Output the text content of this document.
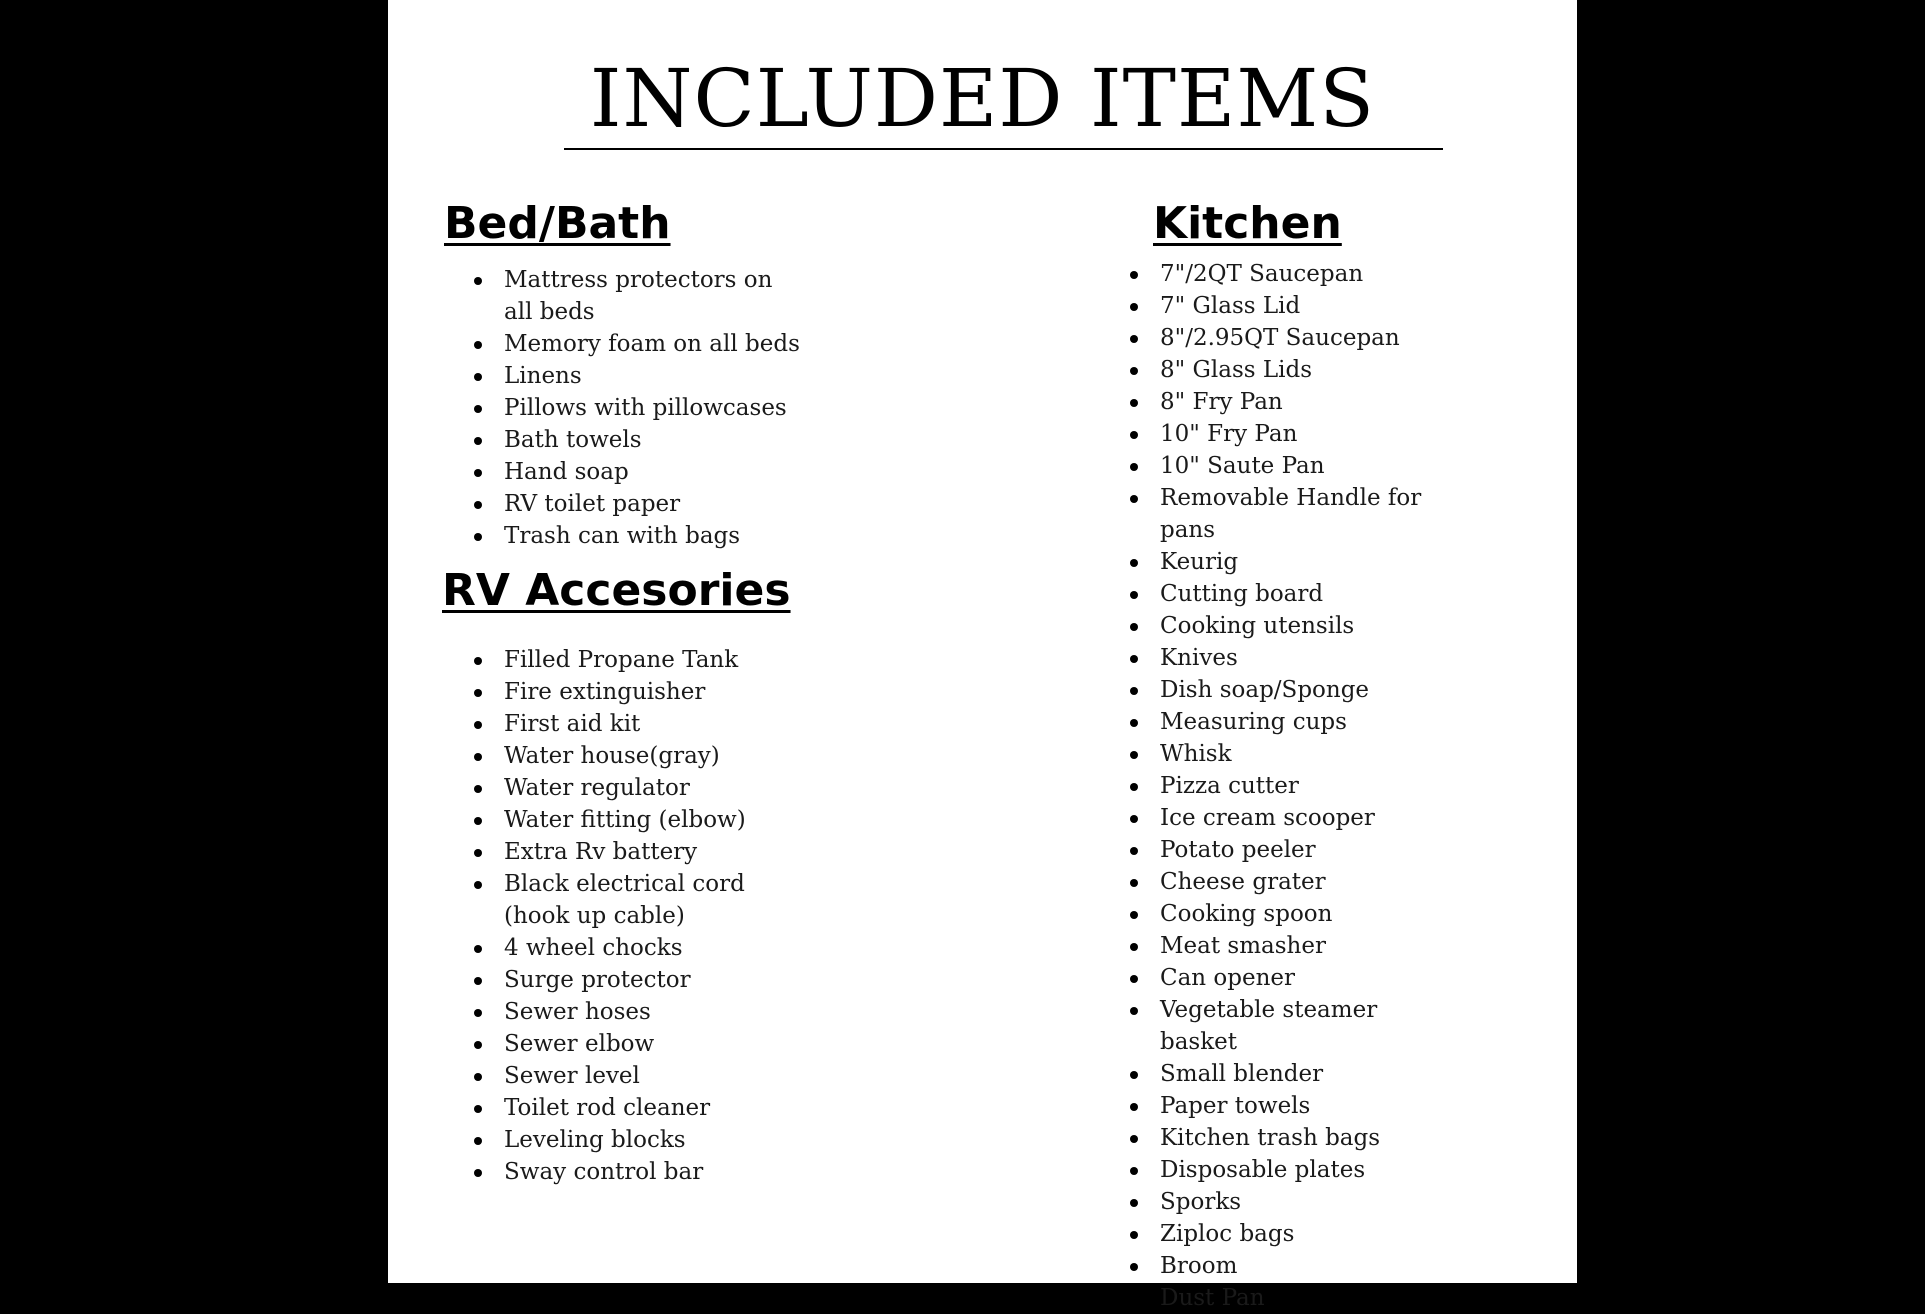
INCLUDED ITEMS
Bed/Bath
Mattress protectors on all beds
Memory foam on all beds
Linens
Pillows with pillowcases
Bath towels
Hand soap
RV toilet paper
Trash can with bags
RV Accesories
Filled Propane Tank
Fire extinguisher
First aid kit
Water house(gray)
Water regulator
Water fitting (elbow)
Extra Rv battery
Black electrical cord (hook up cable)
4 wheel chocks
Surge protector
Sewer hoses
Sewer elbow
Sewer level
Toilet rod cleaner
Leveling blocks
Sway control bar
Kitchen
7"/2QT Saucepan
7" Glass Lid
8"/2.95QT Saucepan
8" Glass Lids
8" Fry Pan
10" Fry Pan
10" Saute Pan
Removable Handle for pans
Keurig
Cutting board
Cooking utensils
Knives
Dish soap/Sponge
Measuring cups
Whisk
Pizza cutter
Ice cream scooper
Potato peeler
Cheese grater
Cooking spoon
Meat smasher
Can opener
Vegetable steamer basket
Small blender
Paper towels
Kitchen trash bags
Disposable plates
Sporks
Ziploc bags
Broom
Dust Pan
